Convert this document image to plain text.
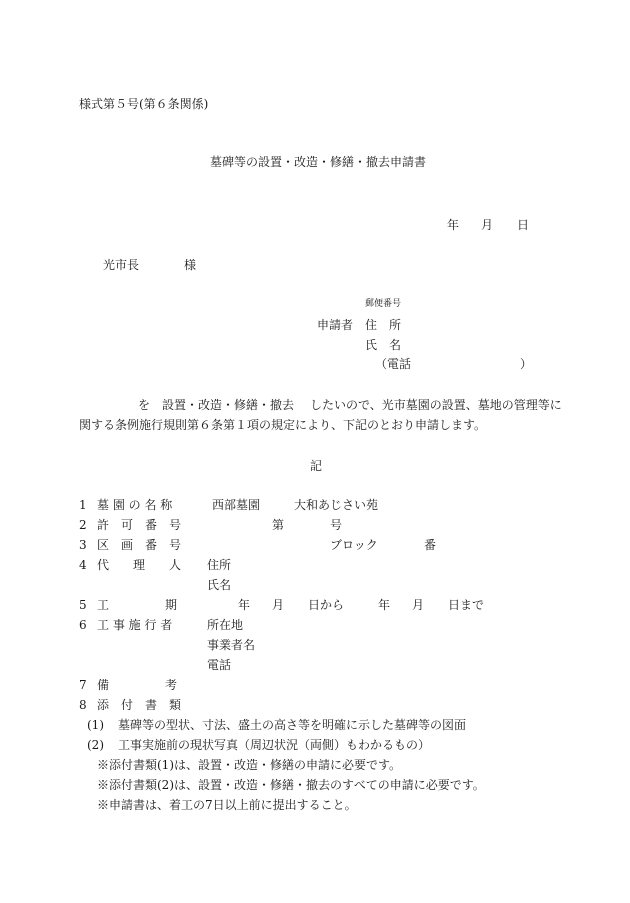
様式第５号(第６条関係)
墓碑等の設置・改造・修繕・撤去申請書
年 月 日
光市長	様
郵便番号
申請者 住　所
氏　名
（電話	）
を 設置・改造・修繕・撤去 したいので、光市墓園の設置、墓地の管理等に
関する条例施行規則第６条第１項の規定により、下記のとおり申請します。
記
1 墓 園 の 名 称	西部墓園	大和あじさい苑
2 許　可　番　号	第	号
3 区　画　番　号	ブロック	番
4 代　　理　　人 住所
氏名
5 工	期	年 月 日から	年 月 日まで
6 工 事 施 行 者	所在地
事業者名
電話
7 備	考
8 添　付　書　類
(1) 墓碑等の型状、寸法、盛土の高さ等を明確に示した墓碑等の図面
(2) 工事実施前の現状写真（周辺状況（両側）もわかるもの）
※添付書類(1)は、設置・改造・修繕の申請に必要です。
※添付書類(2)は、設置・改造・修繕・撤去のすべての申請に必要です。
※申請書は、着工の7日以上前に提出すること。
